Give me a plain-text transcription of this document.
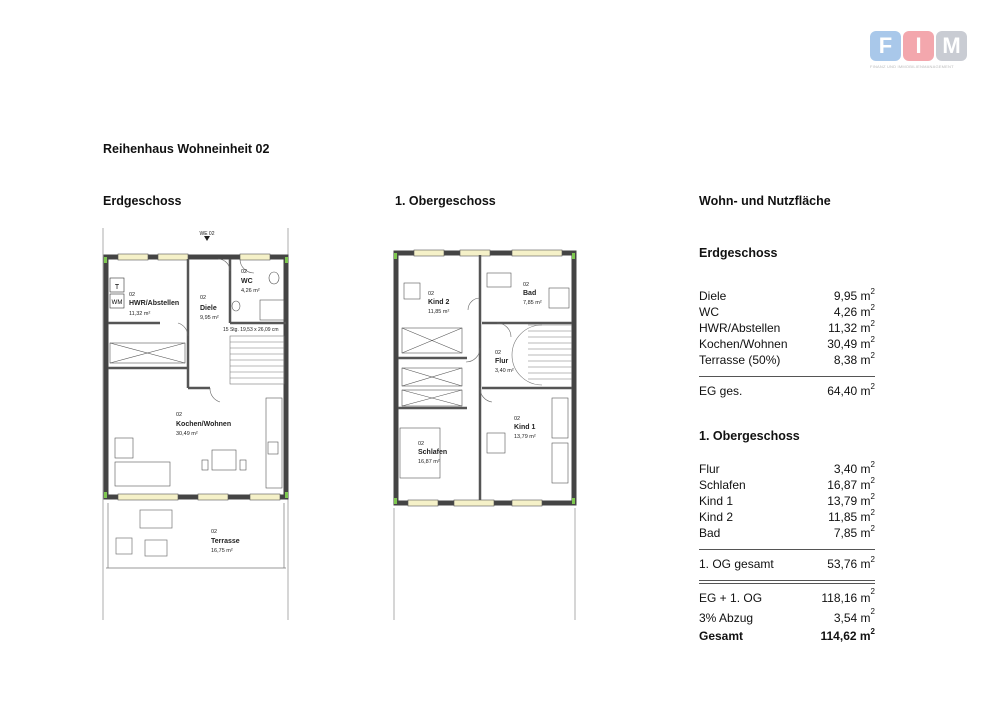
F	I M
FINANZ UND IMMOBILIENMANAGEMENT
Reihenhaus Wohneinheit 02
Erdgeschoss	1. Obergeschoss	Wohn- und Nutzfläche
WE 02
T
WM
02
HWR/Abstellen
11,32 m²
02
Diele
9,95 m²
02
WC
4,26 m²
15 Stg. 19,53 x 26,09 cm
02
Kochen/Wohnen
30,49 m²
02
Terrasse
16,75 m²
02
Kind 2
11,85 m²
02
Bad
7,85 m²
02
Flur
3,40 m²
02
Kind 1
13,79 m²
02
Schlafen
16,87 m²
Erdgeschoss
Diele	9,95 $m^2$
WC	4,26 $m^2$
HWR/Abstellen	11,32 $m^2$
Kochen/Wohnen	30,49 $m^2$
Terrasse (50%)	8,38 $m^2$
EG ges.	64,40 $m^2$
1. Obergeschoss
Flur	3,40 $m^2$
Schlafen	16,87 $m^2$
Kind 1	13,79 $m^2$
Kind 2	11,85 $m^2$
Bad	7,85 $m^2$
1. OG gesamt	53,76 $m^2$
EG + 1. OG	118,16 $m^2$
3% Abzug	3,54 $m^2$
Gesamt	114,62 $m^2$
